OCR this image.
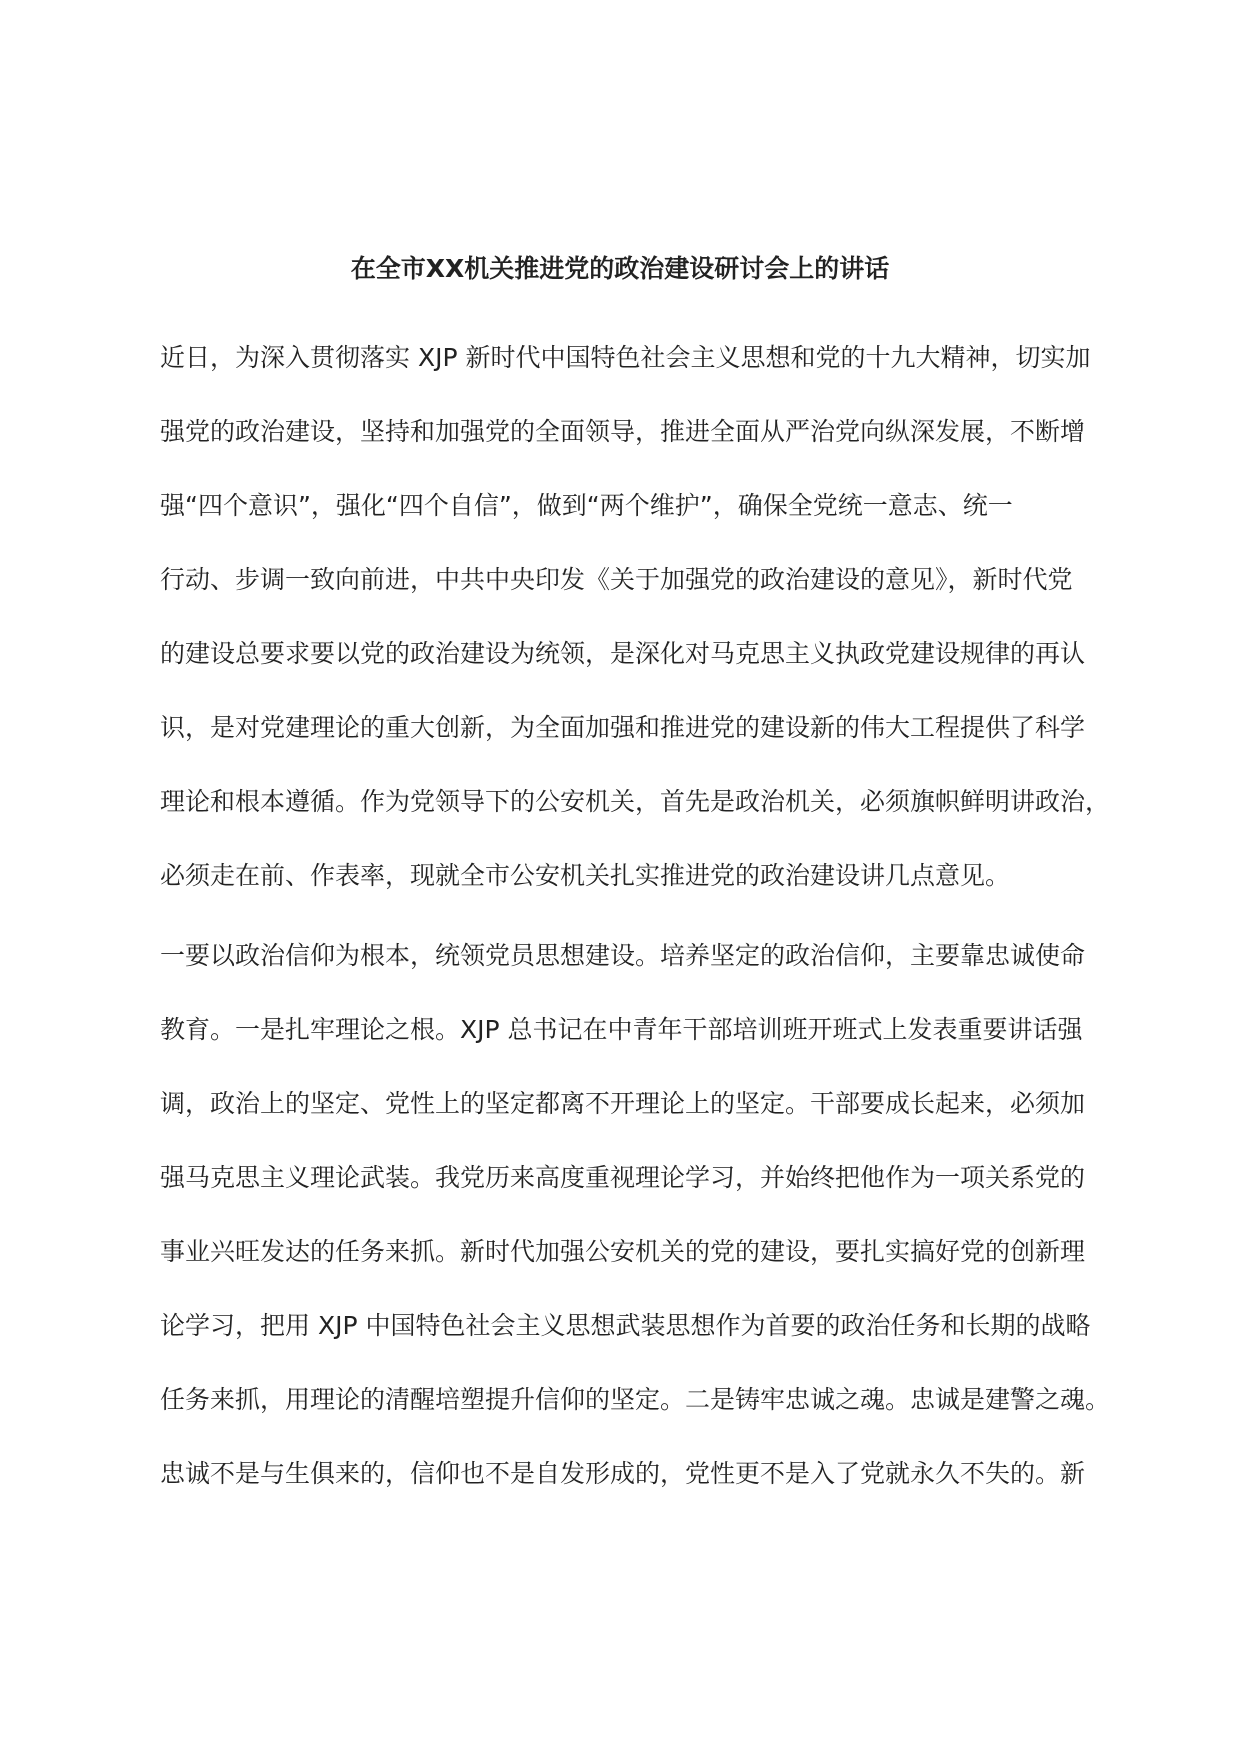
在全市XX机关推进党的政治建设研讨会上的讲话
近日，为深入贯彻落实 XJP 新时代中国特色社会主义思想和党的十九大精神，切实加
强党的政治建设，坚持和加强党的全面领导，推进全面从严治党向纵深发展，不断增
强“四个意识”，强化“四个自信”，做到“两个维护”，确保全党统一意志、统一
行动、步调一致向前进，中共中央印发《关于加强党的政治建设的意见》，新时代党
的建设总要求要以党的政治建设为统领，是深化对马克思主义执政党建设规律的再认
识，是对党建理论的重大创新，为全面加强和推进党的建设新的伟大工程提供了科学
理论和根本遵循。作为党领导下的公安机关，首先是政治机关，必须旗帜鲜明讲政治，
必须走在前、作表率，现就全市公安机关扎实推进党的政治建设讲几点意见。
一要以政治信仰为根本，统领党员思想建设。培养坚定的政治信仰，主要靠忠诚使命
教育。一是扎牢理论之根。XJP 总书记在中青年干部培训班开班式上发表重要讲话强
调，政治上的坚定、党性上的坚定都离不开理论上的坚定。干部要成长起来，必须加
强马克思主义理论武装。我党历来高度重视理论学习，并始终把他作为一项关系党的
事业兴旺发达的任务来抓。新时代加强公安机关的党的建设，要扎实搞好党的创新理
论学习，把用 XJP 中国特色社会主义思想武装思想作为首要的政治任务和长期的战略
任务来抓，用理论的清醒培塑提升信仰的坚定。二是铸牢忠诚之魂。忠诚是建警之魂。
忠诚不是与生俱来的，信仰也不是自发形成的，党性更不是入了党就永久不失的。新
